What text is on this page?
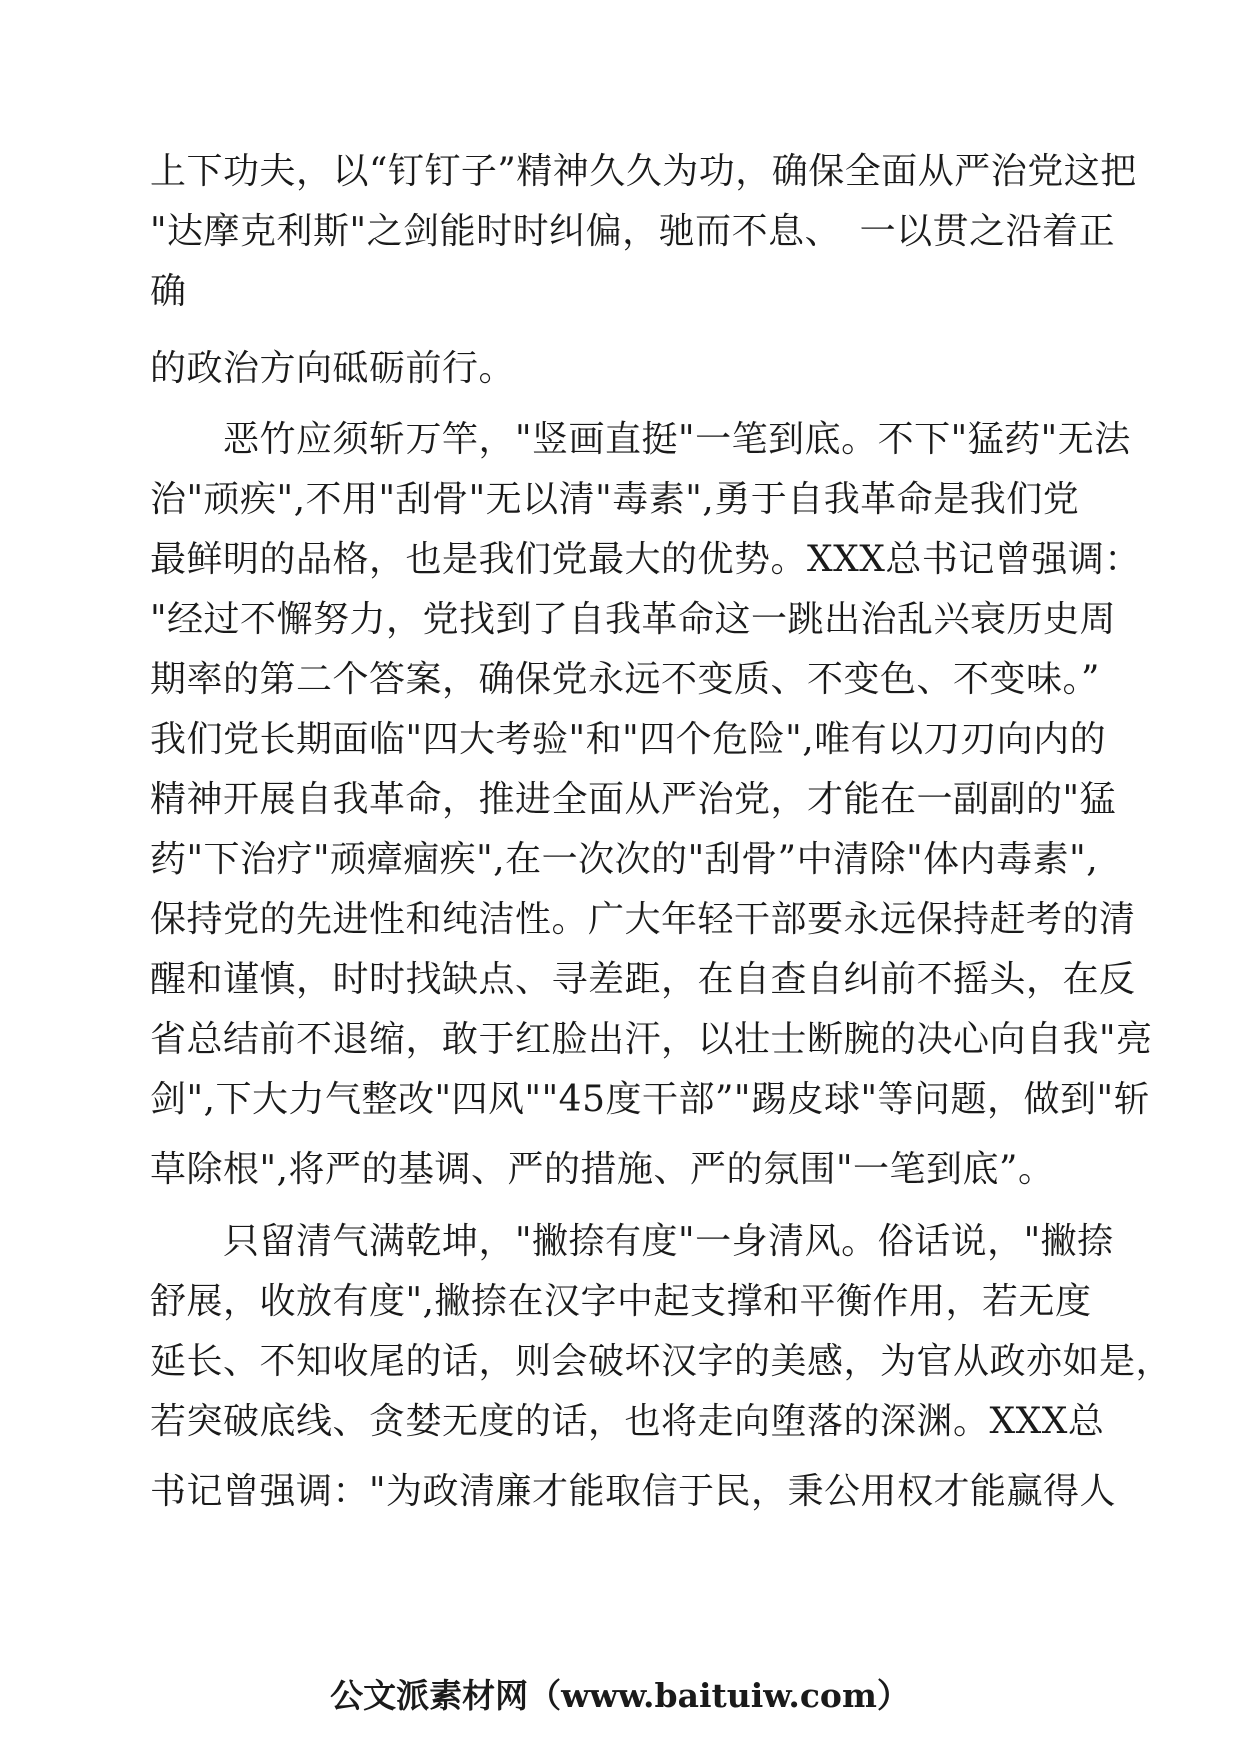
上下功夫，以“钉钉子”精神久久为功，确保全面从严治党这把
"达摩克利斯"之剑能时时纠偏，驰而不息、　一以贯之沿着正
确
的政治方向砥砺前行。
　　恶竹应须斩万竿，"竖画直挺"一笔到底。不下"猛药"无法
治"顽疾",不用"刮骨"无以清"毒素",勇于自我革命是我们党
最鲜明的品格，也是我们党最大的优势。XXX总书记曾强调：
"经过不懈努力，党找到了自我革命这一跳出治乱兴衰历史周
期率的第二个答案，确保党永远不变质、不变色、不变味。”
我们党长期面临"四大考验"和"四个危险",唯有以刀刃向内的
精神开展自我革命，推进全面从严治党，才能在一副副的"猛
药"下治疗"顽瘴痼疾",在一次次的"刮骨”中清除"体内毒素",
保持党的先进性和纯洁性。广大年轻干部要永远保持赶考的清
醒和谨慎，时时找缺点、寻差距，在自查自纠前不摇头，在反
省总结前不退缩，敢于红脸出汗，以壮士断腕的决心向自我"亮
剑",下大力气整改"四风""45度干部”"踢皮球"等问题，做到"斩
草除根",将严的基调、严的措施、严的氛围"一笔到底”。
　　只留清气满乾坤，"撇捺有度"一身清风。俗话说，"撇捺
舒展，收放有度",撇捺在汉字中起支撑和平衡作用，若无度
延长、不知收尾的话，则会破坏汉字的美感，为官从政亦如是，
若突破底线、贪婪无度的话，也将走向堕落的深渊。XXX总
书记曾强调："为政清廉才能取信于民，秉公用权才能赢得人
公文派素材网（www.baituiw.com）
